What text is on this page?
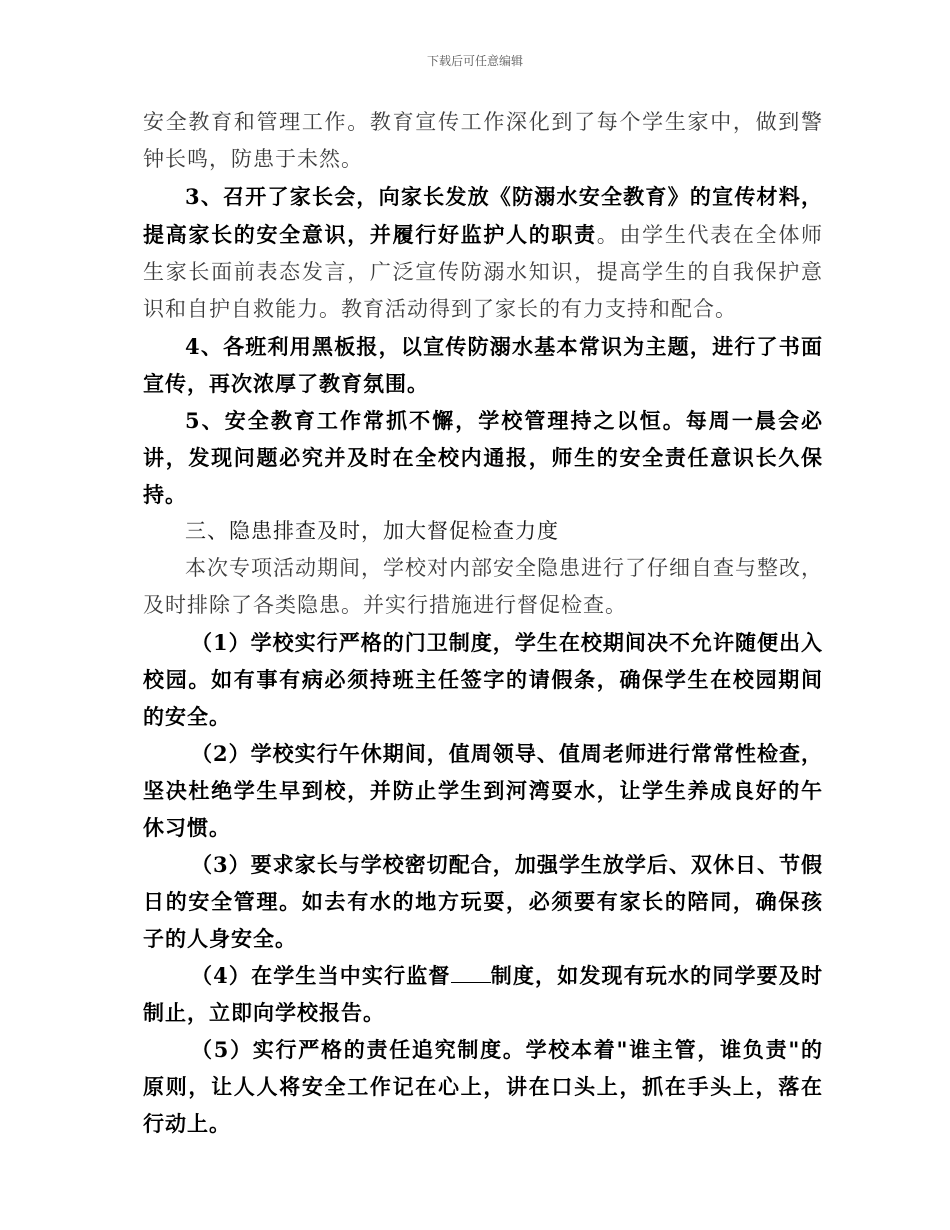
下载后可任意编辑

安全教育和管理工作。教育宣传工作深化到了每个学生家中，做到警钟长鸣，防患于未然。

3、召开了家长会，向家长发放《防溺水安全教育》的宣传材料，提高家长的安全意识，并履行好监护人的职责。由学生代表在全体师生家长面前表态发言，广泛宣传防溺水知识，提高学生的自我保护意识和自护自救能力。教育活动得到了家长的有力支持和配合。

4、各班利用黑板报，以宣传防溺水基本常识为主题，进行了书面宣传，再次浓厚了教育氛围。

5、安全教育工作常抓不懈，学校管理持之以恒。每周一晨会必讲，发现问题必究并及时在全校内通报，师生的安全责任意识长久保持。

三、隐患排查及时，加大督促检查力度

本次专项活动期间，学校对内部安全隐患进行了仔细自查与整改，及时排除了各类隐患。并实行措施进行督促检查。

（1）学校实行严格的门卫制度，学生在校期间决不允许随便出入校园。如有事有病必须持班主任签字的请假条，确保学生在校园期间的安全。

（2）学校实行午休期间，值周领导、值周老师进行常常性检查，坚决杜绝学生早到校，并防止学生到河湾耍水，让学生养成良好的午休习惯。

（3）要求家长与学校密切配合，加强学生放学后、双休日、节假日的安全管理。如去有水的地方玩耍，必须要有家长的陪同，确保孩子的人身安全。

（4）在学生当中实行监督 制度，如发现有玩水的同学要及时制止，立即向学校报告。

（5）实行严格的责任追究制度。学校本着"谁主管，谁负责"的原则，让人人将安全工作记在心上，讲在口头上，抓在手头上，落在行动上。
